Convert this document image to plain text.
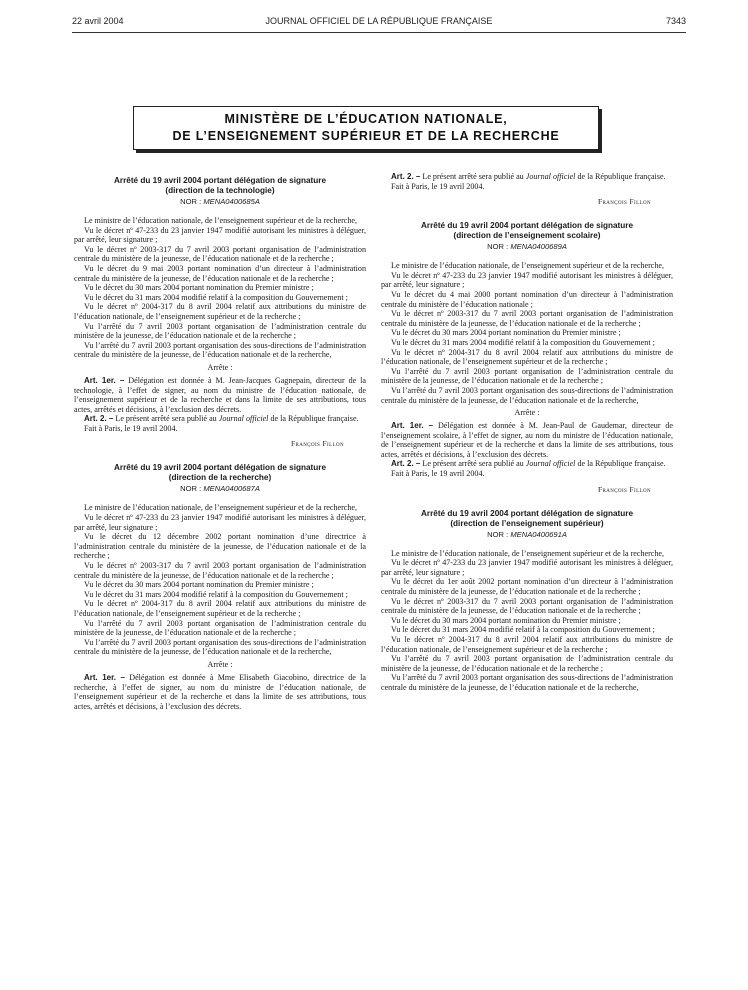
22 avril 2004	JOURNAL OFFICIEL DE LA RÉPUBLIQUE FRANÇAISE	7343
MINISTÈRE DE L’ÉDUCATION NATIONALE,
DE L’ENSEIGNEMENT SUPÉRIEUR ET DE LA RECHERCHE
Arrêté du 19 avril 2004 portant délégation de signature
(direction de la technologie)
NOR : MENA0400685A

Le ministre de l’éducation nationale, de l’enseignement supérieur et de la recherche,

Vu le décret nº 47-233 du 23 janvier 1947 modifié autorisant les ministres à déléguer, par arrêté, leur signature ;

Vu le décret nº 2003-317 du 7 avril 2003 portant organisation de l’administration centrale du ministère de la jeunesse, de l’éducation nationale et de la recherche ;

Vu le décret du 9 mai 2003 portant nomination d’un directeur à l’administration centrale du ministère de la jeunesse, de l’éducation nationale et de la recherche ;

Vu le décret du 30 mars 2004 portant nomination du Premier ministre ;

Vu le décret du 31 mars 2004 modifié relatif à la composition du Gouvernement ;

Vu le décret nº 2004-317 du 8 avril 2004 relatif aux attributions du ministre de l’éducation nationale, de l’enseignement supérieur et de la recherche ;

Vu l’arrêté du 7 avril 2003 portant organisation de l’administration centrale du ministère de la jeunesse, de l’éducation nationale et de la recherche ;

Vu l’arrêté du 7 avril 2003 portant organisation des sous-directions de l’administration centrale du ministère de la jeunesse, de l’éducation nationale et de la recherche,

Arrête :

Art. 1er. – Délégation est donnée à M. Jean-Jacques Gagnepain, directeur de la technologie, à l’effet de signer, au nom du ministre de l’éducation nationale, de l’enseignement supérieur et de la recherche et dans la limite de ses attributions, tous actes, arrêtés et décisions, à l’exclusion des décrets.

Art. 2. – Le présent arrêté sera publié au Journal officiel de la République française.

Fait à Paris, le 19 avril 2004.

François Fillon
Arrêté du 19 avril 2004 portant délégation de signature
(direction de la recherche)
NOR : MENA0400687A

Le ministre de l’éducation nationale, de l’enseignement supérieur et de la recherche,

Vu le décret nº 47-233 du 23 janvier 1947 modifié autorisant les ministres à déléguer, par arrêté, leur signature ;

Vu le décret du 12 décembre 2002 portant nomination d’une directrice à l’administration centrale du ministère de la jeunesse, de l’éducation nationale et de la recherche ;

Vu le décret nº 2003-317 du 7 avril 2003 portant organisation de l’administration centrale du ministère de la jeunesse, de l’éducation nationale et de la recherche ;

Vu le décret du 30 mars 2004 portant nomination du Premier ministre ;

Vu le décret du 31 mars 2004 modifié relatif à la composition du Gouvernement ;

Vu le décret nº 2004-317 du 8 avril 2004 relatif aux attributions du ministre de l’éducation nationale, de l’enseignement supérieur et de la recherche ;

Vu l’arrêté du 7 avril 2003 portant organisation de l’administration centrale du ministère de la jeunesse, de l’éducation nationale et de la recherche ;

Vu l’arrêté du 7 avril 2003 portant organisation des sous-directions de l’administration centrale du ministère de la jeunesse, de l’éducation nationale et de la recherche,

Arrête :

Art. 1er. – Délégation est donnée à Mme Elisabeth Giacobino, directrice de la recherche, à l’effet de signer, au nom du ministre de l’éducation nationale, de l’enseignement supérieur et de la recherche et dans la limite de ses attributions, tous actes, arrêtés et décisions, à l’exclusion des décrets.

Art. 2. – Le présent arrêté sera publié au Journal officiel de la République française.

Fait à Paris, le 19 avril 2004.

François Fillon
Arrêté du 19 avril 2004 portant délégation de signature
(direction de l’enseignement scolaire)
NOR : MENA0400689A

Le ministre de l’éducation nationale, de l’enseignement supérieur et de la recherche,

Vu le décret nº 47-233 du 23 janvier 1947 modifié autorisant les ministres à déléguer, par arrêté, leur signature ;

Vu le décret du 4 mai 2000 portant nomination d’un directeur à l’administration centrale du ministère de l’éducation nationale ;

Vu le décret nº 2003-317 du 7 avril 2003 portant organisation de l’administration centrale du ministère de la jeunesse, de l’éducation nationale et de la recherche ;

Vu le décret du 30 mars 2004 portant nomination du Premier ministre ;

Vu le décret du 31 mars 2004 modifié relatif à la composition du Gouvernement ;

Vu le décret nº 2004-317 du 8 avril 2004 relatif aux attributions du ministre de l’éducation nationale, de l’enseignement supérieur et de la recherche ;

Vu l’arrêté du 7 avril 2003 portant organisation de l’administration centrale du ministère de la jeunesse, de l’éducation nationale et de la recherche ;

Vu l’arrêté du 7 avril 2003 portant organisation des sous-directions de l’administration centrale du ministère de la jeunesse, de l’éducation nationale et de la recherche,

Arrête :

Art. 1er. – Délégation est donnée à M. Jean-Paul de Gaudemar, directeur de l’enseignement scolaire, à l’effet de signer, au nom du ministre de l’éducation nationale, de l’enseignement supérieur et de la recherche et dans la limite de ses attributions, tous actes, arrêtés et décisions, à l’exclusion des décrets.

Art. 2. – Le présent arrêté sera publié au Journal officiel de la République française.

Fait à Paris, le 19 avril 2004.

François Fillon
Arrêté du 19 avril 2004 portant délégation de signature
(direction de l’enseignement supérieur)
NOR : MENA0400691A

Le ministre de l’éducation nationale, de l’enseignement supérieur et de la recherche,

Vu le décret nº 47-233 du 23 janvier 1947 modifié autorisant les ministres à déléguer, par arrêté, leur signature ;

Vu le décret du 1er août 2002 portant nomination d’un directeur à l’administration centrale du ministère de la jeunesse, de l’éducation nationale et de la recherche ;

Vu le décret nº 2003-317 du 7 avril 2003 portant organisation de l’administration centrale du ministère de la jeunesse, de l’éducation nationale et de la recherche ;

Vu le décret du 30 mars 2004 portant nomination du Premier ministre ;

Vu le décret du 31 mars 2004 modifié relatif à la composition du Gouvernement ;

Vu le décret nº 2004-317 du 8 avril 2004 relatif aux attributions du ministre de l’éducation nationale, de l’enseignement supérieur et de la recherche ;

Vu l’arrêté du 7 avril 2003 portant organisation de l’administration centrale du ministère de la jeunesse, de l’éducation nationale et de la recherche ;

Vu l’arrêté du 7 avril 2003 portant organisation des sous-directions de l’administration centrale du ministère de la jeunesse, de l’éducation nationale et de la recherche,
